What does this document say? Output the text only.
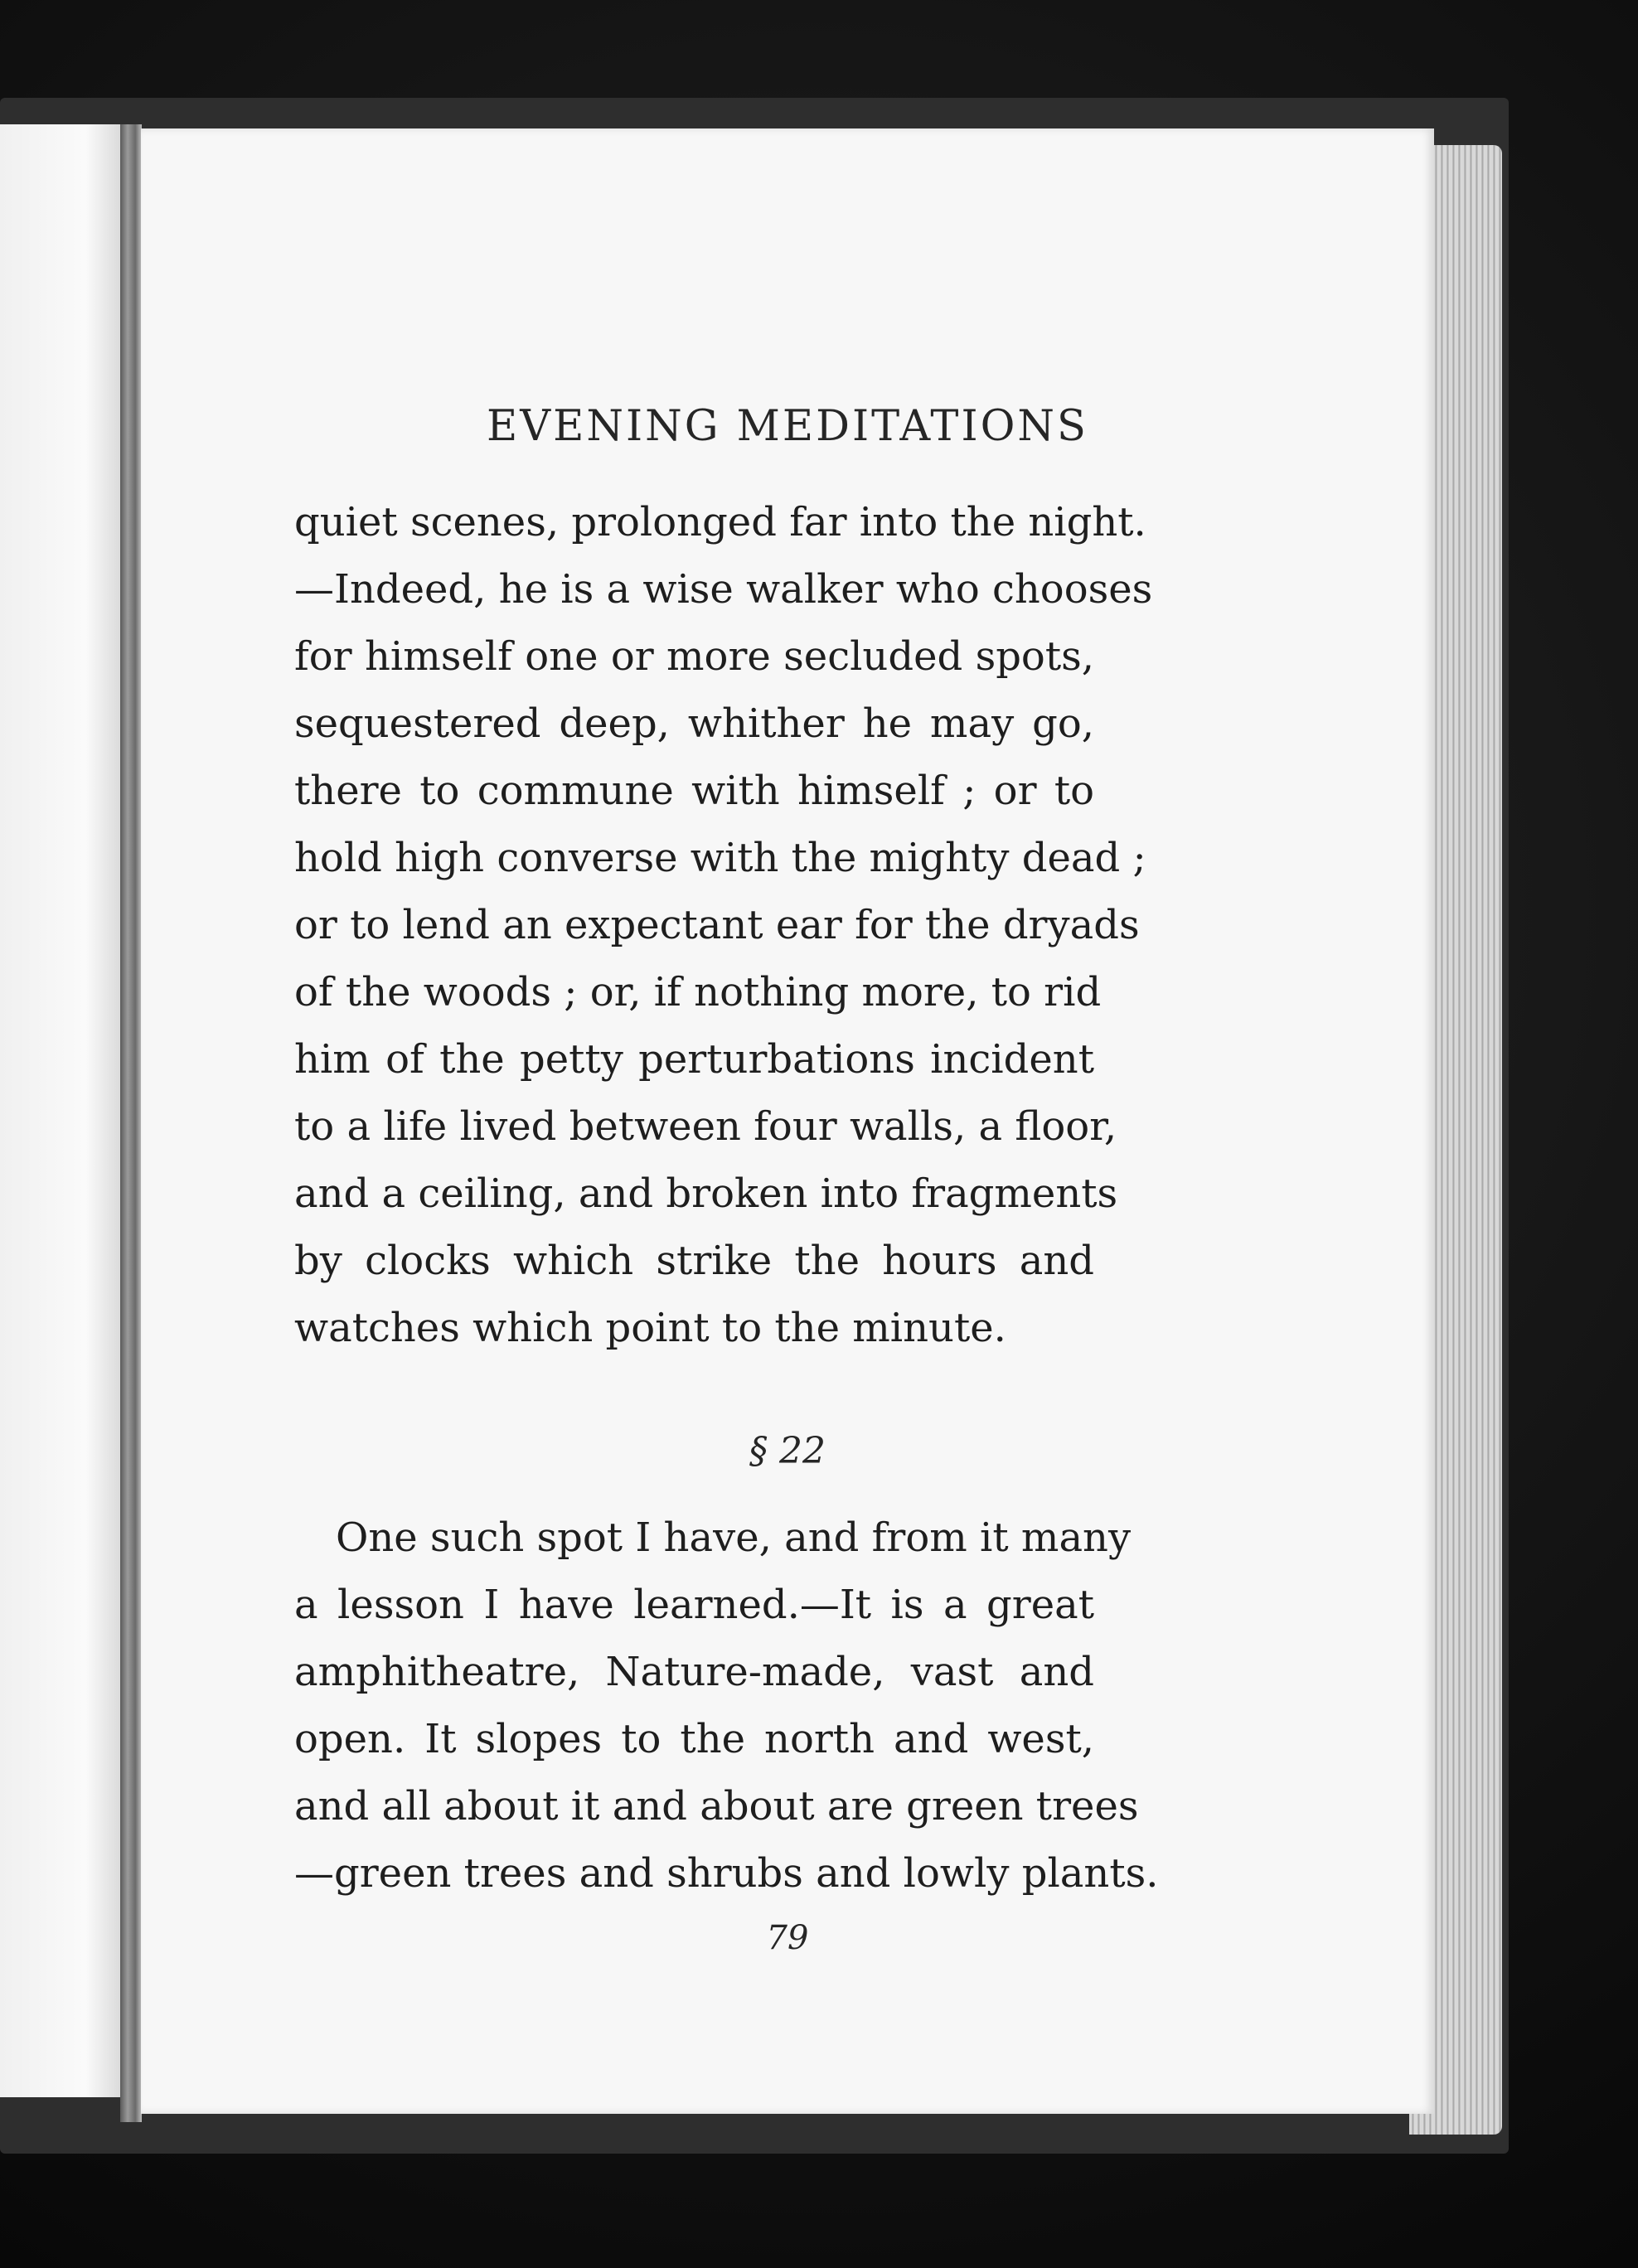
EVENING MEDITATIONS
quiet scenes, prolonged far into the night.
—Indeed, he is a wise walker who chooses
for himself one or more secluded spots,
sequestered deep, whither he may go,
there to commune with himself ; or to
hold high converse with the mighty dead ;
or to lend an expectant ear for the dryads
of the woods ; or, if nothing more, to rid
him of the petty perturbations incident
to a life lived between four walls, a floor,
and a ceiling, and broken into fragments
by clocks which strike the hours and
watches which point to the minute.

§ 22

One such spot I have, and from it many
a lesson I have learned.—It is a great
amphitheatre, Nature-made, vast and
open. It slopes to the north and west,
and all about it and about are green trees
—green trees and shrubs and lowly plants.

79
